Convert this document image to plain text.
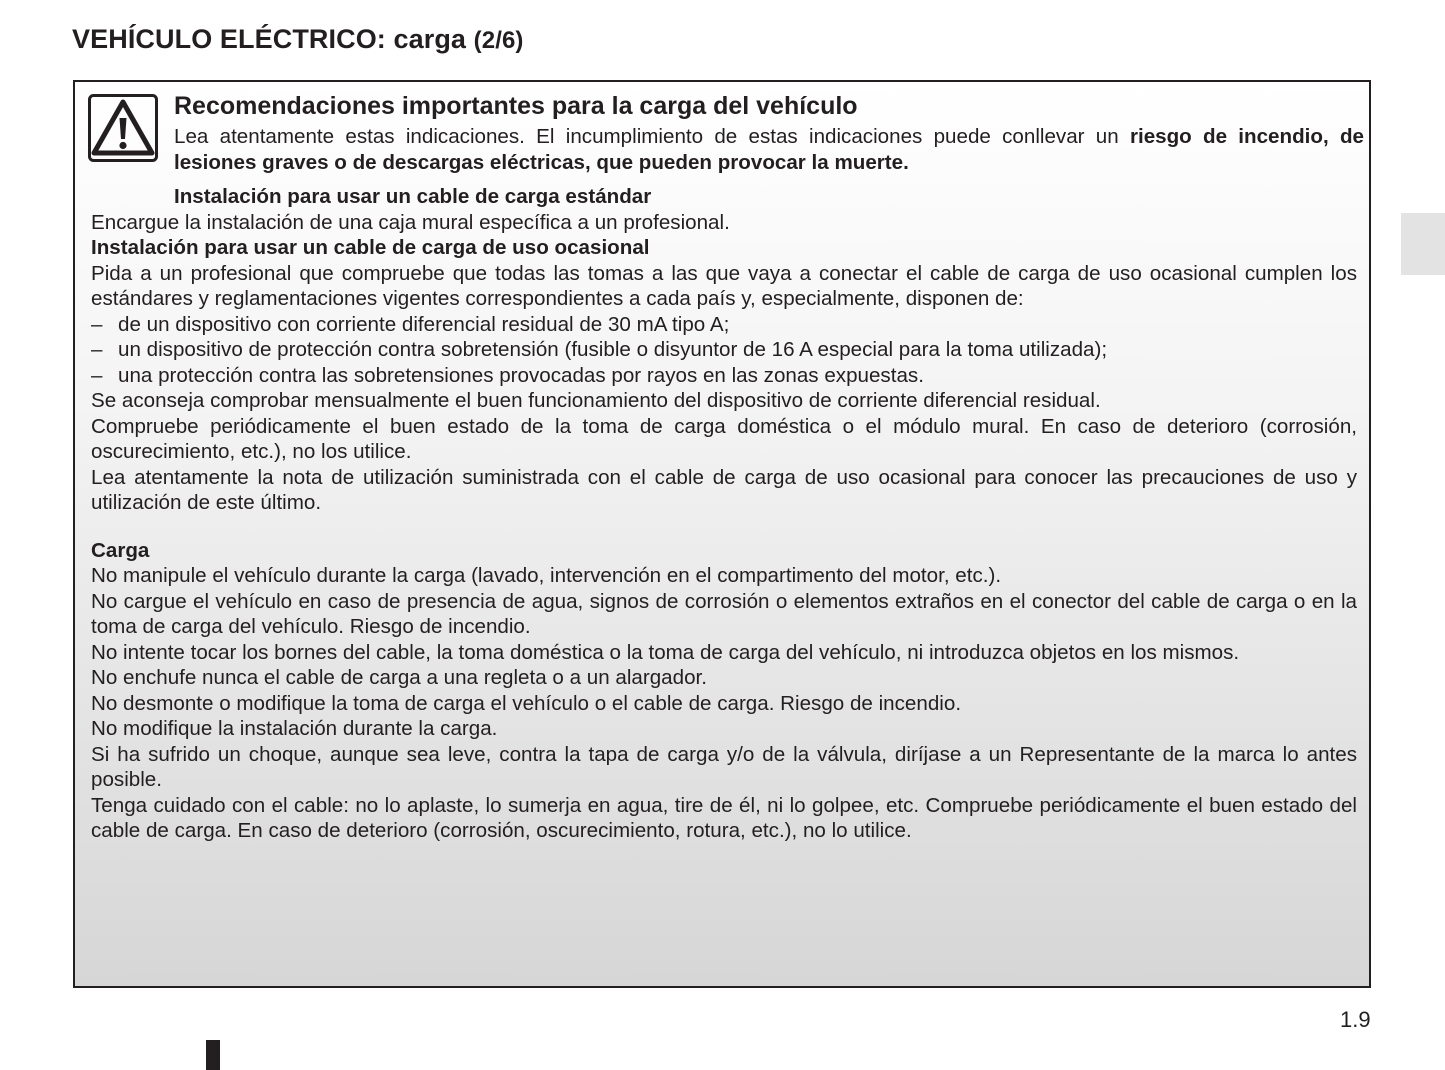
VEHÍCULO ELÉCTRICO: carga (2/6)
Recomendaciones importantes para la carga del vehículo
Lea atentamente estas indicaciones. El incumplimiento de estas indicaciones puede conllevar un riesgo de incendio, de lesiones graves o de descargas eléctricas, que pueden provocar la muerte.

Instalación para usar un cable de carga estándar

Encargue la instalación de una caja mural específica a un profesional.

Instalación para usar un cable de carga de uso ocasional

Pida a un profesional que compruebe que todas las tomas a las que vaya a conectar el cable de carga de uso ocasional cumplen los estándares y reglamentaciones vigentes correspondientes a cada país y, especialmente, disponen de:

– de un dispositivo con corriente diferencial residual de 30 mA tipo A;
– un dispositivo de protección contra sobretensión (fusible o disyuntor de 16 A especial para la toma utilizada);
– una protección contra las sobretensiones provocadas por rayos en las zonas expuestas.

Se aconseja comprobar mensualmente el buen funcionamiento del dispositivo de corriente diferencial residual.

Compruebe periódicamente el buen estado de la toma de carga doméstica o el módulo mural. En caso de deterioro (corrosión, oscurecimiento, etc.), no los utilice.

Lea atentamente la nota de utilización suministrada con el cable de carga de uso ocasional para conocer las precauciones de uso y utilización de este último.

Carga

No manipule el vehículo durante la carga (lavado, intervención en el compartimento del motor, etc.).

No cargue el vehículo en caso de presencia de agua, signos de corrosión o elementos extraños en el conector del cable de carga o en la toma de carga del vehículo. Riesgo de incendio.

No intente tocar los bornes del cable, la toma doméstica o la toma de carga del vehículo, ni introduzca objetos en los mismos.

No enchufe nunca el cable de carga a una regleta o a un alargador.

No desmonte o modifique la toma de carga el vehículo o el cable de carga. Riesgo de incendio.

No modifique la instalación durante la carga.

Si ha sufrido un choque, aunque sea leve, contra la tapa de carga y/o de la válvula, diríjase a un Representante de la marca lo antes posible.

Tenga cuidado con el cable: no lo aplaste, lo sumerja en agua, tire de él, ni lo golpee, etc. Compruebe periódicamente el buen estado del cable de carga. En caso de deterioro (corrosión, oscurecimiento, rotura, etc.), no lo utilice.

1.9
